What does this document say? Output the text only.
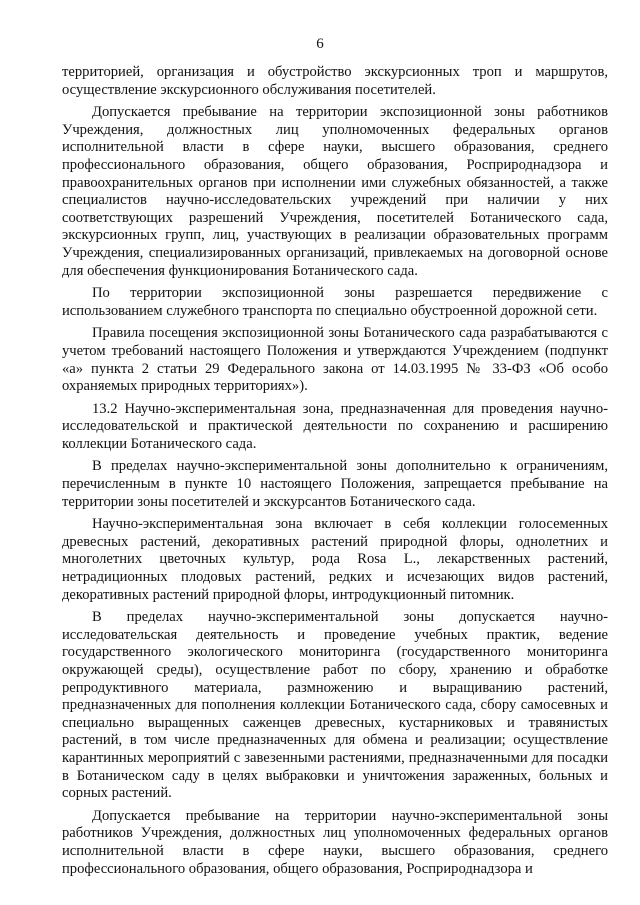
6

территорией, организация и обустройство экскурсионных троп и маршрутов, осуществление экскурсионного обслуживания посетителей.

Допускается пребывание на территории экспозиционной зоны работников Учреждения, должностных лиц уполномоченных федеральных органов исполнительной власти в сфере науки, высшего образования, среднего профессионального образования, общего образования, Росприроднадзора и правоохранительных органов при исполнении ими служебных обязанностей, а также специалистов научно-исследовательских учреждений при наличии у них соответствующих разрешений Учреждения, посетителей Ботанического сада, экскурсионных групп, лиц, участвующих в реализации образовательных программ Учреждения, специализированных организаций, привлекаемых на договорной основе для обеспечения функционирования Ботанического сада.

По территории экспозиционной зоны разрешается передвижение с использованием служебного транспорта по специально обустроенной дорожной сети.

Правила посещения экспозиционной зоны Ботанического сада разрабатываются с учетом требований настоящего Положения и утверждаются Учреждением (подпункт «а» пункта 2 статьи 29 Федерального закона от 14.03.1995 № 33-ФЗ «Об особо охраняемых природных территориях»).

13.2 Научно-экспериментальная зона, предназначенная для проведения научно-исследовательской и практической деятельности по сохранению и расширению коллекции Ботанического сада.

В пределах научно-экспериментальной зоны дополнительно к ограничениям, перечисленным в пункте 10 настоящего Положения, запрещается пребывание на территории зоны посетителей и экскурсантов Ботанического сада.

Научно-экспериментальная зона включает в себя коллекции голосеменных древесных растений, декоративных растений природной флоры, однолетних и многолетних цветочных культур, рода Rosa L., лекарственных растений, нетрадиционных плодовых растений, редких и исчезающих видов растений, декоративных растений природной флоры, интродукционный питомник.

В пределах научно-экспериментальной зоны допускается научно-исследовательская деятельность и проведение учебных практик, ведение государственного экологического мониторинга (государственного мониторинга окружающей среды), осуществление работ по сбору, хранению и обработке репродуктивного материала, размножению и выращиванию растений, предназначенных для пополнения коллекции Ботанического сада, сбору самосевных и специально выращенных саженцев древесных, кустарниковых и травянистых растений, в том числе предназначенных для обмена и реализации; осуществление карантинных мероприятий с завезенными растениями, предназначенными для посадки в Ботаническом саду в целях выбраковки и уничтожения зараженных, больных и сорных растений.

Допускается пребывание на территории научно-экспериментальной зоны работников Учреждения, должностных лиц уполномоченных федеральных органов исполнительной власти в сфере науки, высшего образования, среднего профессионального образования, общего образования, Росприроднадзора и
